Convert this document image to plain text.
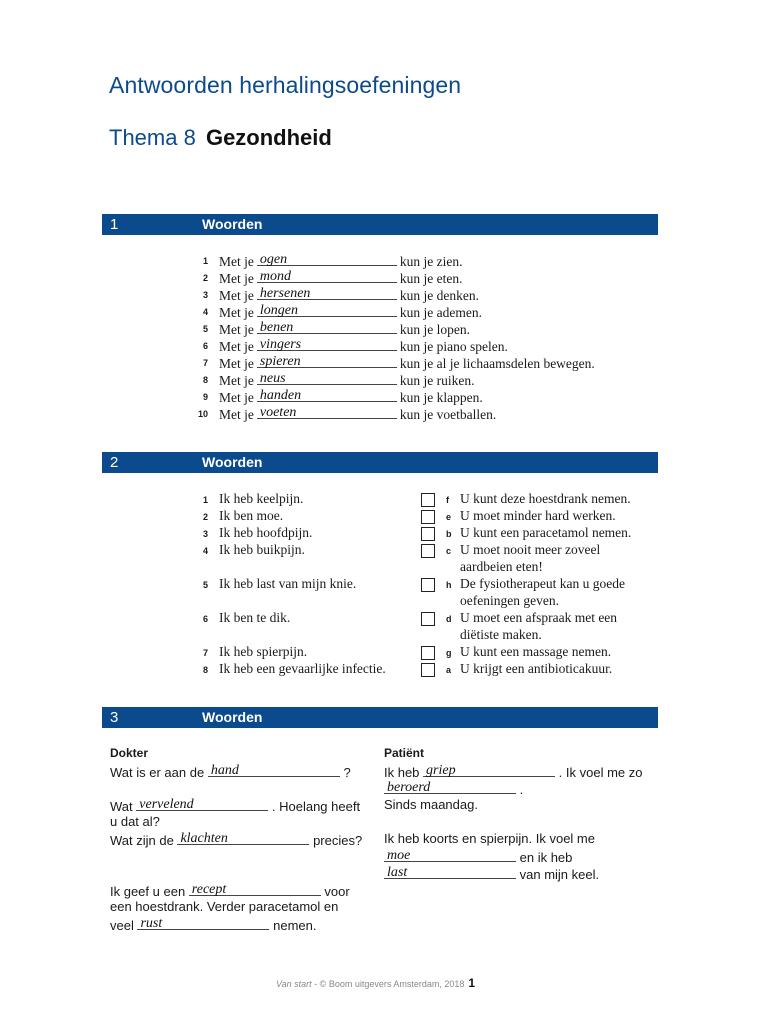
Antwoorden herhalingsoefeningen
Thema 8 Gezondheid
1	Woorden
1 Met je ogen	kun je zien.
2 Met je mond	kun je eten.
3 Met je hersenen	kun je denken.
4 Met je longen	kun je ademen.
5 Met je benen	kun je lopen.
6 Met je vingers	kun je piano spelen.
7 Met je spieren	kun je al je lichaamsdelen bewegen.
8 Met je neus	kun je ruiken.
9 Met je handen	kun je klappen.
10 Met je voeten	kun je voetballen.
2	Woorden
1 Ik heb keelpijn.	f U kunt deze hoestdrank nemen.
2 Ik ben moe.	e U moet minder hard werken.
3 Ik heb hoofdpijn.	b U kunt een paracetamol nemen.
4 Ik heb buikpijn.	c U moet nooit meer zoveel
aardbeien eten!
5 Ik heb last van mijn knie.	h De fysiotherapeut kan u goede
oefeningen geven.
6 Ik ben te dik.	d U moet een afspraak met een
diëtiste maken.
7 Ik heb spierpijn.	g U kunt een massage nemen.
8 Ik heb een gevaarlijke infectie.	a U krijgt een antibioticakuur.
3	Woorden
Dokter
Wat is er aan de hand	?
Wat vervelend	. Hoelang heeft
u dat al?
Wat zijn de klachten	precies?
Ik geef u een recept	voor
een hoestdrank. Verder paracetamol en
veel rust	nemen.
Patiënt
Ik heb griep	. Ik voel me zo
beroerd	.
Sinds maandag.
Ik heb koorts en spierpijn. Ik voel me
moe	en ik heb
last	van mijn keel.
Van start - © Boom uitgevers Amsterdam, 2018 1
